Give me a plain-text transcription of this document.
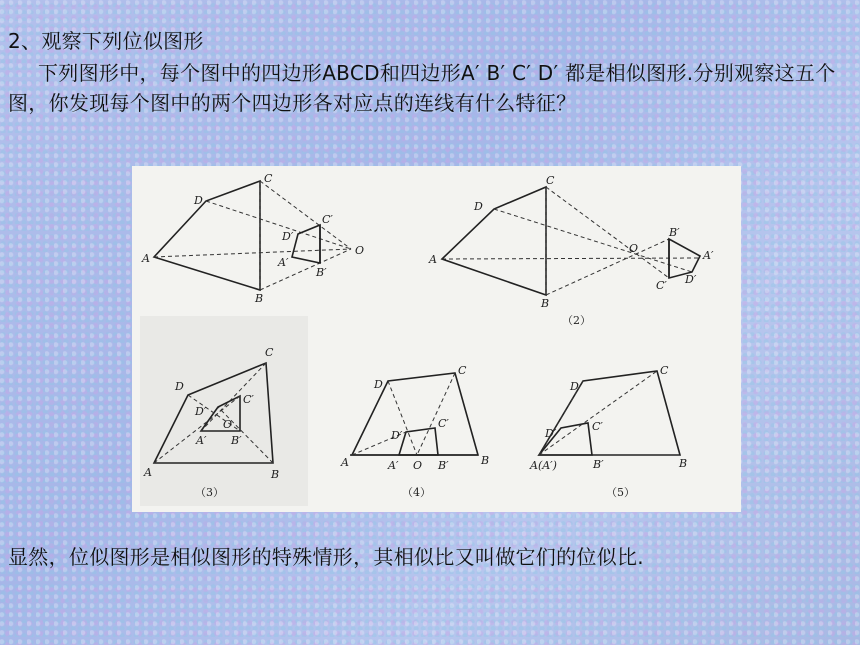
2、观察下列位似图形
下列图形中，每个图中的四边形ABCD和四边形A′ B′ C′ D′ 都是相似图形.分别观察这五个图，你发现每个图中的两个四边形各对应点的连线有什么特征？
A
D
C
B
O
C′
D′
A′
B′
A
D
C
B
O
B′
A′
D′
C′
（2）
A
D
C
B
D′
C′
O
A′ B′
（3）
A
D
C
B
D′
C′
A′ O B′
（4）
A(A′)
D
C
B
D′
C′
B′
（5）
显然，位似图形是相似图形的特殊情形，其相似比又叫做它们的位似比.
